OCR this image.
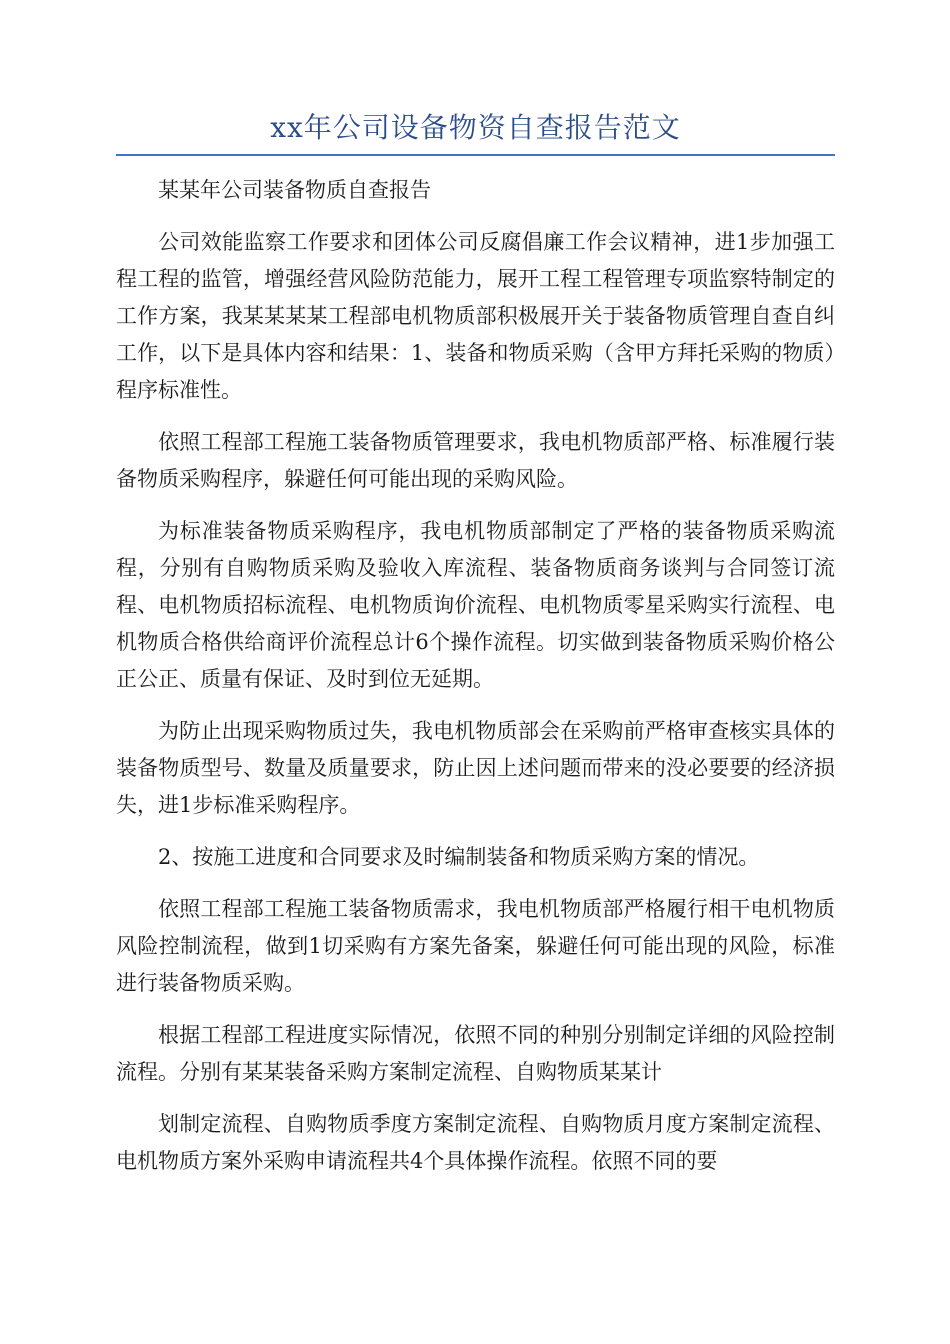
xx年公司设备物资自查报告范文

某某年公司装备物质自查报告

公司效能监察工作要求和团体公司反腐倡廉工作会议精神，进1步加强工程工程的监管，增强经营风险防范能力，展开工程工程管理专项监察特制定的工作方案，我某某某某工程部电机物质部积极展开关于装备物质管理自查自纠工作，以下是具体内容和结果：1、装备和物质采购（含甲方拜托采购的物质）程序标准性。

依照工程部工程施工装备物质管理要求，我电机物质部严格、标准履行装备物质采购程序，躲避任何可能出现的采购风险。

为标准装备物质采购程序，我电机物质部制定了严格的装备物质采购流程，分别有自购物质采购及验收入库流程、装备物质商务谈判与合同签订流程、电机物质招标流程、电机物质询价流程、电机物质零星采购实行流程、电机物质合格供给商评价流程总计6个操作流程。切实做到装备物质采购价格公正公正、质量有保证、及时到位无延期。

为防止出现采购物质过失，我电机物质部会在采购前严格审查核实具体的装备物质型号、数量及质量要求，防止因上述问题而带来的没必要要的经济损失，进1步标准采购程序。

2、按施工进度和合同要求及时编制装备和物质采购方案的情况。

依照工程部工程施工装备物质需求，我电机物质部严格履行相干电机物质风险控制流程，做到1切采购有方案先备案，躲避任何可能出现的风险，标准进行装备物质采购。

根据工程部工程进度实际情况，依照不同的种别分别制定详细的风险控制流程。分别有某某装备采购方案制定流程、自购物质某某计

划制定流程、自购物质季度方案制定流程、自购物质月度方案制定流程、电机物质方案外采购申请流程共4个具体操作流程。依照不同的要
